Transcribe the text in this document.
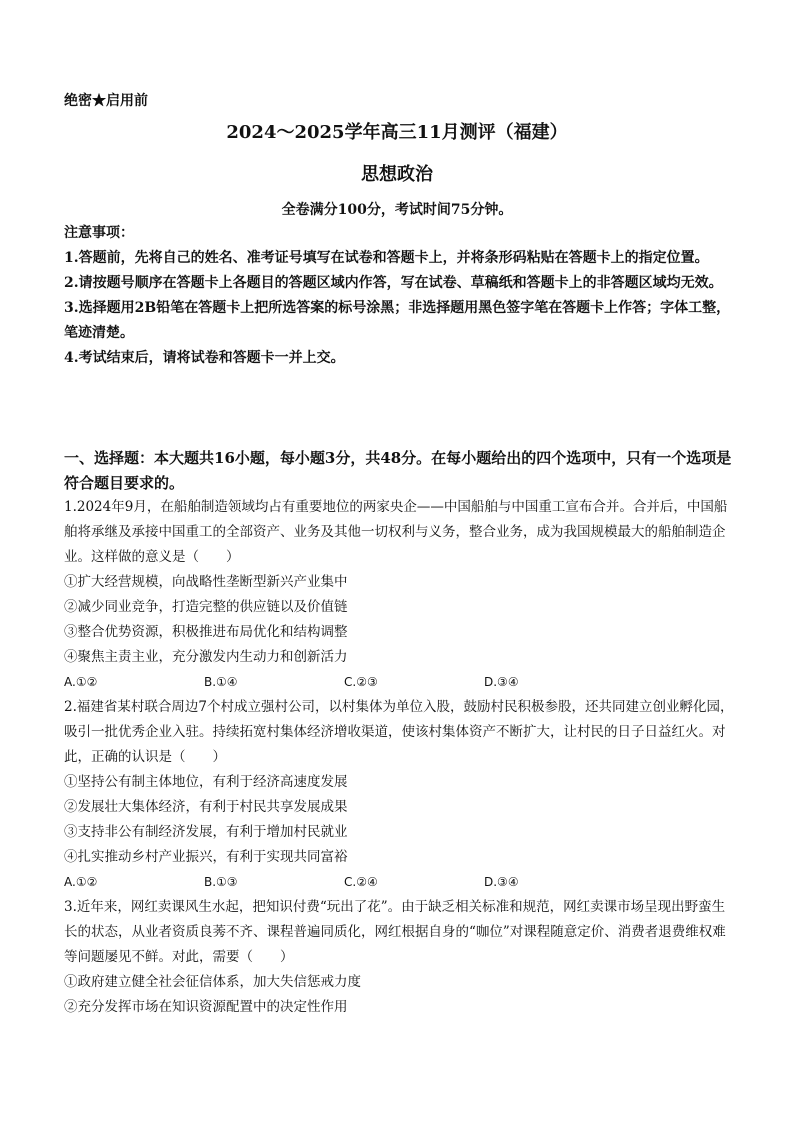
绝密★启用前
2024～2025学年高三11月测评（福建）
思想政治
全卷满分100分，考试时间75分钟。
注意事项：
1.答题前，先将自己的姓名、准考证号填写在试卷和答题卡上，并将条形码粘贴在答题卡上的指定位置。
2.请按题号顺序在答题卡上各题目的答题区域内作答，写在试卷、草稿纸和答题卡上的非答题区域均无效。
3.选择题用2B铅笔在答题卡上把所选答案的标号涂黑；非选择题用黑色签字笔在答题卡上作答；字体工整，笔迹清楚。
4.考试结束后，请将试卷和答题卡一并上交。
一、选择题：本大题共16小题，每小题3分，共48分。在每小题给出的四个选项中，只有一个选项是符合题目要求的。

1.2024年9月，在船舶制造领域均占有重要地位的两家央企——中国船舶与中国重工宣布合并。合并后，中国船舶将承继及承接中国重工的全部资产、业务及其他一切权利与义务，整合业务，成为我国规模最大的船舶制造企业。这样做的意义是（　　）

①扩大经营规模，向战略性垄断型新兴产业集中

②减少同业竞争，打造完整的供应链以及价值链

③整合优势资源，积极推进布局优化和结构调整

④聚焦主责主业，充分激发内生动力和创新活力

A.①②	B.①④	C.②③	D.③④

2.福建省某村联合周边7个村成立强村公司，以村集体为单位入股，鼓励村民积极参股，还共同建立创业孵化园，吸引一批优秀企业入驻。持续拓宽村集体经济增收渠道，使该村集体资产不断扩大，让村民的日子日益红火。对此，正确的认识是（　　）

①坚持公有制主体地位，有利于经济高速度发展

②发展壮大集体经济，有利于村民共享发展成果

③支持非公有制经济发展，有利于增加村民就业

④扎实推动乡村产业振兴，有利于实现共同富裕

A.①②	B.①③	C.②④	D.③④

3.近年来，网红卖课风生水起，把知识付费“玩出了花”。由于缺乏相关标准和规范，网红卖课市场呈现出野蛮生长的状态，从业者资质良莠不齐、课程普遍同质化，网红根据自身的“咖位”对课程随意定价、消费者退费维权难等问题屡见不鲜。对此，需要（　　）

①政府建立健全社会征信体系，加大失信惩戒力度

②充分发挥市场在知识资源配置中的决定性作用
